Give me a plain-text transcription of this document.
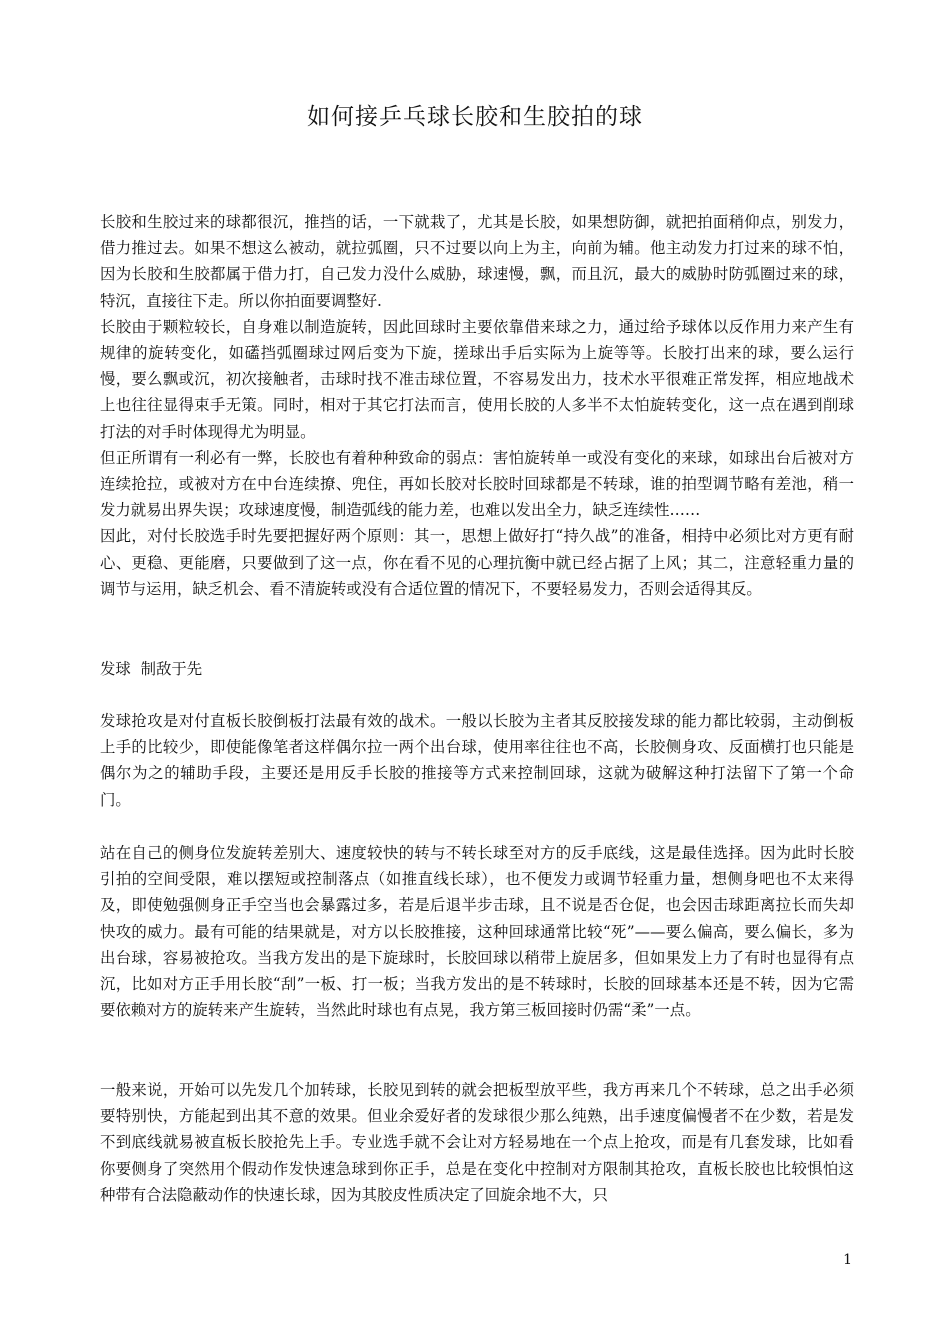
如何接乒乓球长胶和生胶拍的球

长胶和生胶过来的球都很沉，推挡的话，一下就栽了，尤其是长胶，如果想防御，就把拍面稍仰点，别发力，借力推过去。如果不想这么被动，就拉弧圈，只不过要以向上为主，向前为辅。他主动发力打过来的球不怕，因为长胶和生胶都属于借力打，自己发力没什么威胁，球速慢，飘，而且沉，最大的威胁时防弧圈过来的球，特沉，直接往下走。所以你拍面要调整好.

长胶由于颗粒较长，自身难以制造旋转，因此回球时主要依靠借来球之力，通过给予球体以反作用力来产生有规律的旋转变化，如礚挡弧圈球过网后变为下旋，搓球出手后实际为上旋等等。长胶打出来的球，要么运行慢，要么飘或沉，初次接触者，击球时找不准击球位置，不容易发出力，技术水平很难正常发挥，相应地战术上也往往显得束手无策。同时，相对于其它打法而言，使用长胶的人多半不太怕旋转变化，这一点在遇到削球打法的对手时体现得尤为明显。

但正所谓有一利必有一弊，长胶也有着种种致命的弱点：害怕旋转单一或没有变化的来球，如球出台后被对方连续抢拉，或被对方在中台连续撩、兜住，再如长胶对长胶时回球都是不转球，谁的拍型调节略有差池，稍一发力就易出界失误；攻球速度慢，制造弧线的能力差，也难以发出全力，缺乏连续性……

因此，对付长胶选手时先要把握好两个原则：其一，思想上做好打“持久战”的准备，相持中必须比对方更有耐心、更稳、更能磨，只要做到了这一点，你在看不见的心理抗衡中就已经占据了上风；其二，注意轻重力量的调节与运用，缺乏机会、看不清旋转或没有合适位置的情况下，不要轻易发力，否则会适得其反。

发球  制敌于先

发球抢攻是对付直板长胶倒板打法最有效的战术。一般以长胶为主者其反胶接发球的能力都比较弱，主动倒板上手的比较少，即使能像笔者这样偶尔拉一两个出台球，使用率往往也不高，长胶侧身攻、反面横打也只能是偶尔为之的辅助手段，主要还是用反手长胶的推接等方式来控制回球，这就为破解这种打法留下了第一个命门。

站在自己的侧身位发旋转差别大、速度较快的转与不转长球至对方的反手底线，这是最佳选择。因为此时长胶引拍的空间受限，难以摆短或控制落点（如推直线长球），也不便发力或调节轻重力量，想侧身吧也不太来得及，即使勉强侧身正手空当也会暴露过多，若是后退半步击球，且不说是否仓促，也会因击球距离拉长而失却快攻的威力。最有可能的结果就是，对方以长胶推接，这种回球通常比较“死”——要么偏高，要么偏长，多为出台球，容易被抢攻。当我方发出的是下旋球时，长胶回球以稍带上旋居多，但如果发上力了有时也显得有点沉，比如对方正手用长胶“刮”一板、打一板；当我方发出的是不转球时，长胶的回球基本还是不转，因为它需要依赖对方的旋转来产生旋转，当然此时球也有点晃，我方第三板回接时仍需“柔”一点。

一般来说，开始可以先发几个加转球，长胶见到转的就会把板型放平些，我方再来几个不转球，总之出手必须要特别快，方能起到出其不意的效果。但业余爱好者的发球很少那么纯熟，出手速度偏慢者不在少数，若是发不到底线就易被直板长胶抢先上手。专业选手就不会让对方轻易地在一个点上抢攻，而是有几套发球，比如看你要侧身了突然用个假动作发快速急球到你正手，总是在变化中控制对方限制其抢攻，直板长胶也比较惧怕这种带有合法隐蔽动作的快速长球，因为其胶皮性质决定了回旋余地不大，只

1
